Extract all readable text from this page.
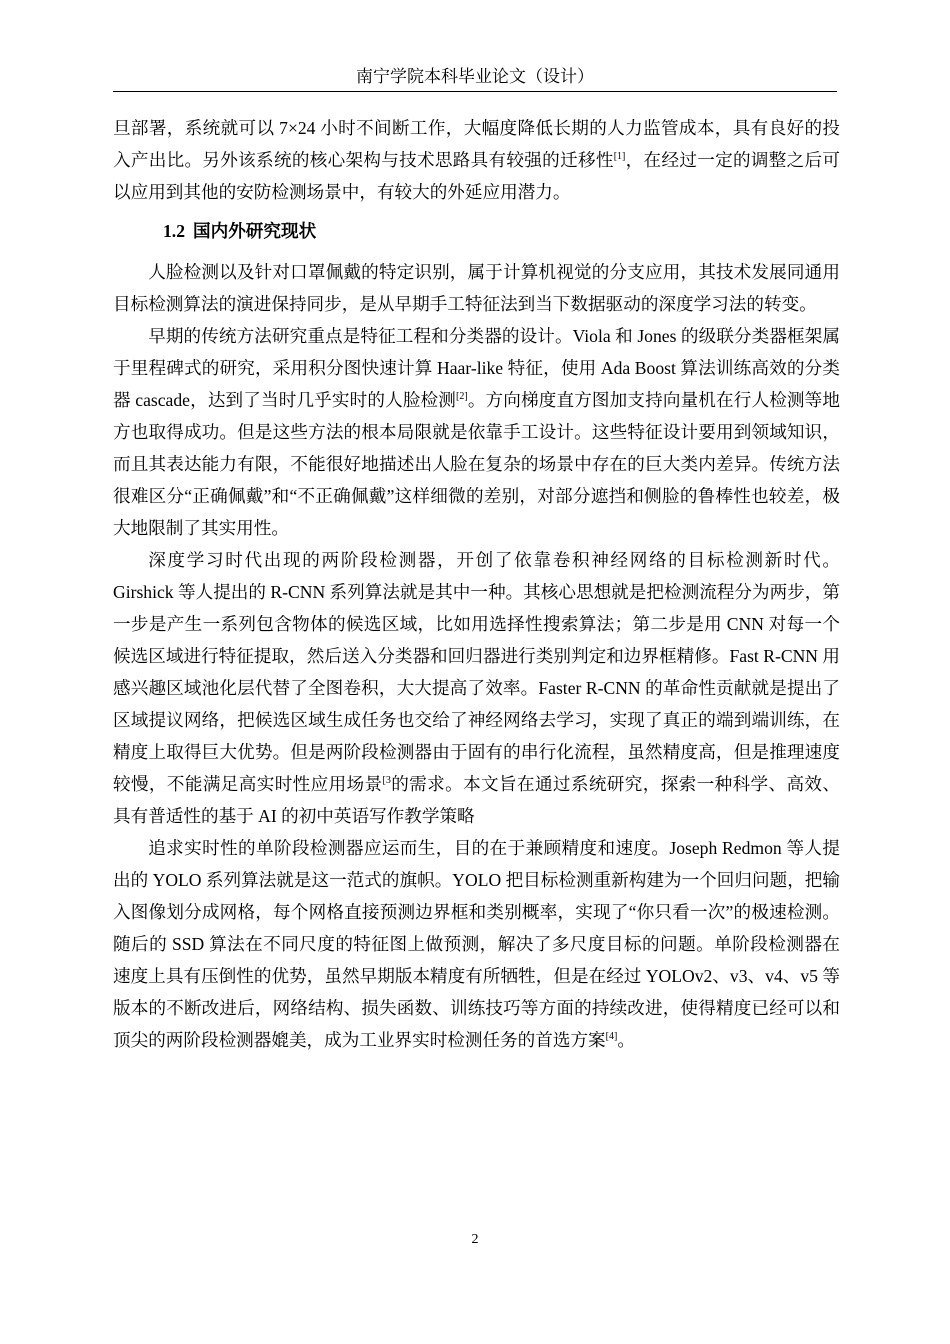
南宁学院本科毕业论文（设计）

旦部署，系统就可以 7×24 小时不间断工作，大幅度降低长期的人力监管成本，具有良好的投入产出比。另外该系统的核心架构与技术思路具有较强的迁移性[1]，在经过一定的调整之后可以应用到其他的安防检测场景中，有较大的外延应用潜力。

1.2 国内外研究现状

人脸检测以及针对口罩佩戴的特定识别，属于计算机视觉的分支应用，其技术发展同通用目标检测算法的演进保持同步，是从早期手工特征法到当下数据驱动的深度学习法的转变。

早期的传统方法研究重点是特征工程和分类器的设计。Viola 和 Jones 的级联分类器框架属于里程碑式的研究，采用积分图快速计算 Haar-like 特征，使用 Ada Boost 算法训练高效的分类器 cascade，达到了当时几乎实时的人脸检测[2]。方向梯度直方图加支持向量机在行人检测等地方也取得成功。但是这些方法的根本局限就是依靠手工设计。这些特征设计要用到领域知识，而且其表达能力有限，不能很好地描述出人脸在复杂的场景中存在的巨大类内差异。传统方法很难区分“正确佩戴”和“不正确佩戴”这样细微的差别，对部分遮挡和侧脸的鲁棒性也较差，极大地限制了其实用性。

深度学习时代出现的两阶段检测器，开创了依靠卷积神经网络的目标检测新时代。Girshick 等人提出的 R-CNN 系列算法就是其中一种。其核心思想就是把检测流程分为两步，第一步是产生一系列包含物体的候选区域，比如用选择性搜索算法；第二步是用 CNN 对每一个候选区域进行特征提取，然后送入分类器和回归器进行类别判定和边界框精修。Fast R-CNN 用感兴趣区域池化层代替了全图卷积，大大提高了效率。Faster R-CNN 的革命性贡献就是提出了区域提议网络，把候选区域生成任务也交给了神经网络去学习，实现了真正的端到端训练，在精度上取得巨大优势。但是两阶段检测器由于固有的串行化流程，虽然精度高，但是推理速度较慢，不能满足高实时性应用场景$^{[3}$的需求。本文旨在通过系统研究，探索一种科学、高效、具有普适性的基于 AI 的初中英语写作教学策略

追求实时性的单阶段检测器应运而生，目的在于兼顾精度和速度。Joseph Redmon 等人提出的 YOLO 系列算法就是这一范式的旗帜。YOLO 把目标检测重新构建为一个回归问题，把输入图像划分成网格，每个网格直接预测边界框和类别概率，实现了“你只看一次”的极速检测。随后的 SSD 算法在不同尺度的特征图上做预测，解决了多尺度目标的问题。单阶段检测器在速度上具有压倒性的优势，虽然早期版本精度有所牺牲，但是在经过 YOLOv2、v3、v4、v5 等版本的不断改进后，网络结构、损失函数、训练技巧等方面的持续改进，使得精度已经可以和顶尖的两阶段检测器媲美，成为工业界实时检测任务的首选方案[4]。

2
